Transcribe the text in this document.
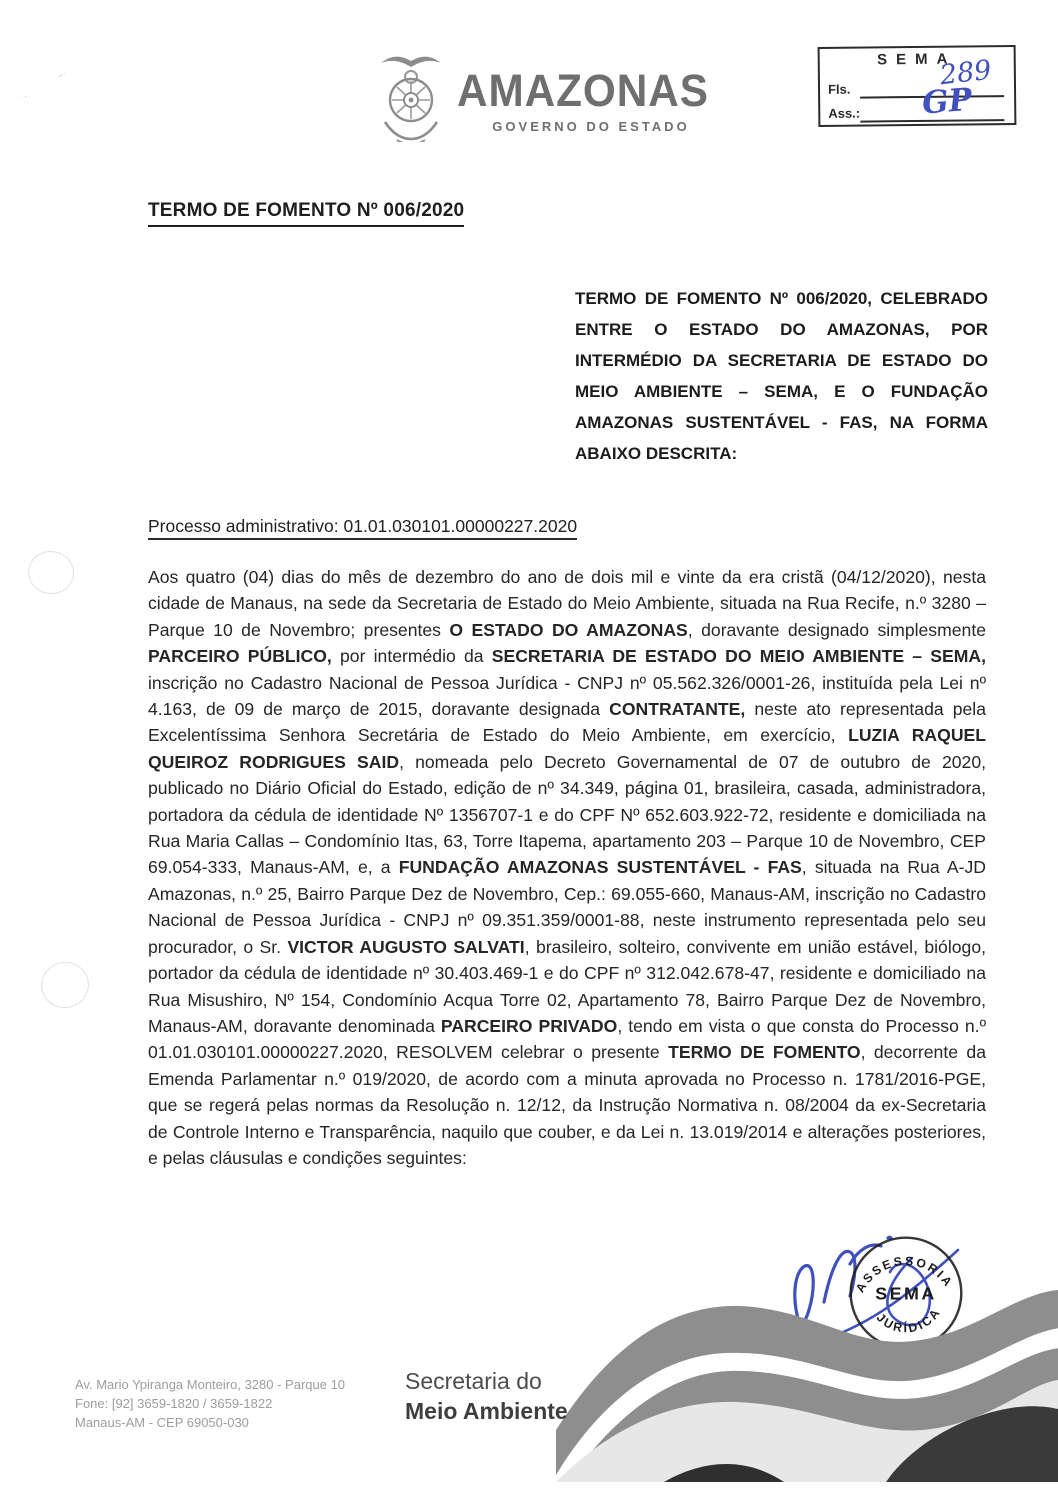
~·
·,	AMAZONAS
GOVERNO DO ESTADO
SEMA
Fls.
Ass.:
289
GP
TERMO DE FOMENTO Nº 006/2020
TERMO DE FOMENTO Nº 006/2020, CELEBRADO ENTRE O ESTADO DO AMAZONAS, POR INTERMÉDIO DA SECRETARIA DE ESTADO DO MEIO AMBIENTE – SEMA, E O FUNDAÇÃO AMAZONAS SUSTENTÁVEL - FAS, NA FORMA ABAIXO DESCRITA:
Processo administrativo: 01.01.030101.00000227.2020
Aos quatro (04) dias do mês de dezembro do ano de dois mil e vinte da era cristã (04/12/2020), nesta cidade de Manaus, na sede da Secretaria de Estado do Meio Ambiente, situada na Rua Recife, n.º 3280 – Parque 10 de Novembro; presentes O ESTADO DO AMAZONAS, doravante designado simplesmente PARCEIRO PÚBLICO, por intermédio da SECRETARIA DE ESTADO DO MEIO AMBIENTE – SEMA, inscrição no Cadastro Nacional de Pessoa Jurídica - CNPJ nº 05.562.326/0001-26, instituída pela Lei nº 4.163, de 09 de março de 2015, doravante designada CONTRATANTE, neste ato representada pela Excelentíssima Senhora Secretária de Estado do Meio Ambiente, em exercício, LUZIA RAQUEL QUEIROZ RODRIGUES SAID, nomeada pelo Decreto Governamental de 07 de outubro de 2020, publicado no Diário Oficial do Estado, edição de nº 34.349, página 01, brasileira, casada, administradora, portadora da cédula de identidade Nº 1356707-1 e do CPF Nº 652.603.922-72, residente e domiciliada na Rua Maria Callas – Condomínio Itas, 63, Torre Itapema, apartamento 203 – Parque 10 de Novembro, CEP 69.054-333, Manaus-AM, e, a FUNDAÇÃO AMAZONAS SUSTENTÁVEL - FAS, situada na Rua A-JD Amazonas, n.º 25, Bairro Parque Dez de Novembro, Cep.: 69.055-660, Manaus-AM, inscrição no Cadastro Nacional de Pessoa Jurídica - CNPJ nº 09.351.359/0001-88, neste instrumento representada pelo seu procurador, o Sr. VICTOR AUGUSTO SALVATI, brasileiro, solteiro, convivente em união estável, biólogo, portador da cédula de identidade nº 30.403.469-1 e do CPF nº 312.042.678-47, residente e domiciliado na Rua Misushiro, Nº 154, Condomínio Acqua Torre 02, Apartamento 78, Bairro Parque Dez de Novembro, Manaus-AM, doravante denominada PARCEIRO PRIVADO, tendo em vista o que consta do Processo n.º 01.01.030101.00000227.2020, RESOLVEM celebrar o presente TERMO DE FOMENTO, decorrente da Emenda Parlamentar n.º 019/2020, de acordo com a minuta aprovada no Processo n. 1781/2016-PGE, que se regerá pelas normas da Resolução n. 12/12, da Instrução Normativa n. 08/2004 da ex-Secretaria de Controle Interno e Transparência, naquilo que couber, e da Lei n. 13.019/2014 e alterações posteriores, e pelas cláusulas e condições seguintes:
ASSESSORIA
SEMA
JURÍDICA
Av. Mario Ypiranga Monteiro, 3280 - Parque 10
Fone: [92] 3659-1820 / 3659-1822
Manaus-AM - CEP 69050-030
Secretaria do
Meio Ambiente
